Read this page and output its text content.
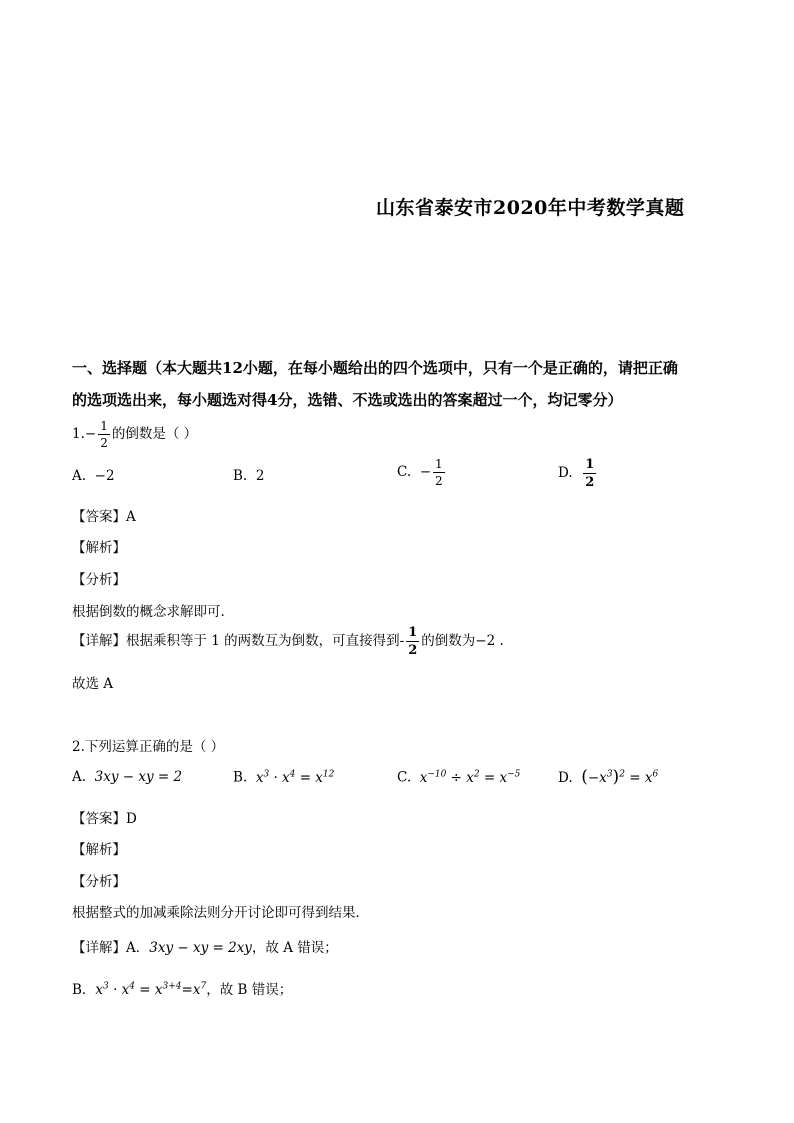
山东省泰安市2020年中考数学真题
一、选择题（本大题共12小题，在每小题给出的四个选项中，只有一个是正确的，请把正确
的选项选出来，每小题选对得4分，选错、不选或选出的答案超过一个，均记零分）
$1.- \frac{1}{2}$ 的倒数是（ ）
A. −2	B. 2	C. − $\frac{1}{2}$	D. $\frac{1}{2}$
【答案】A
【解析】
【分析】
根据倒数的概念求解即可.
【详解】根据乘积等于 1 的两数互为倒数，可直接得到- $\frac{1}{2}$ 的倒数为−2 .
故选 A
2.下列运算正确的是（ ）
A. 3xy − xy = 2	B. $x^3 \cdot x^4 = x^{12}$	C. $x^{-10} \div x^2 = x^{-5}$	D. $(-x^3)^2 = x^6$
【答案】D
【解析】
【分析】
根据整式的加减乘除法则分开讨论即可得到结果．
【详解】A．3xy − xy = 2xy，故 A 错误；
B．$x^3 \cdot x^4 = x^{3+4}=x^7$，故 B 错误；
